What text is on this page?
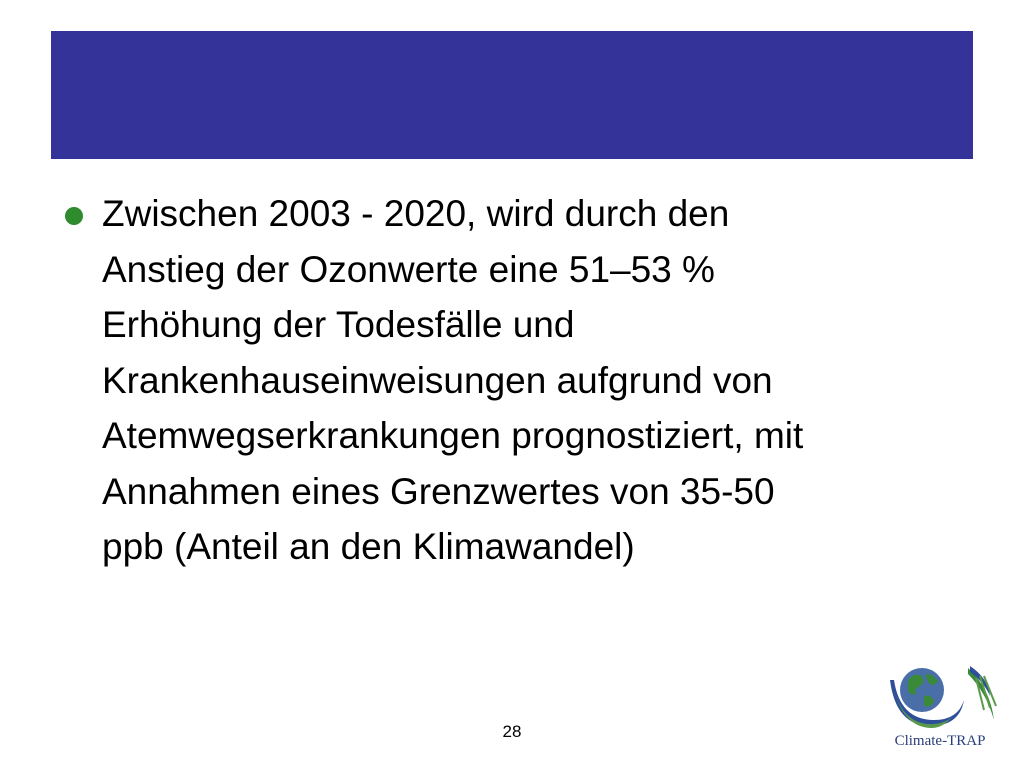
Zwischen 2003 - 2020, wird durch den
Anstieg der Ozonwerte eine 51–53 %
Erhöhung der Todesfälle und
Krankenhauseinweisungen aufgrund von
Atemwegserkrankungen prognostiziert, mit
Annahmen eines Grenzwertes von 35-50
ppb (Anteil an den Klimawandel)

28	Climate-TRAP
